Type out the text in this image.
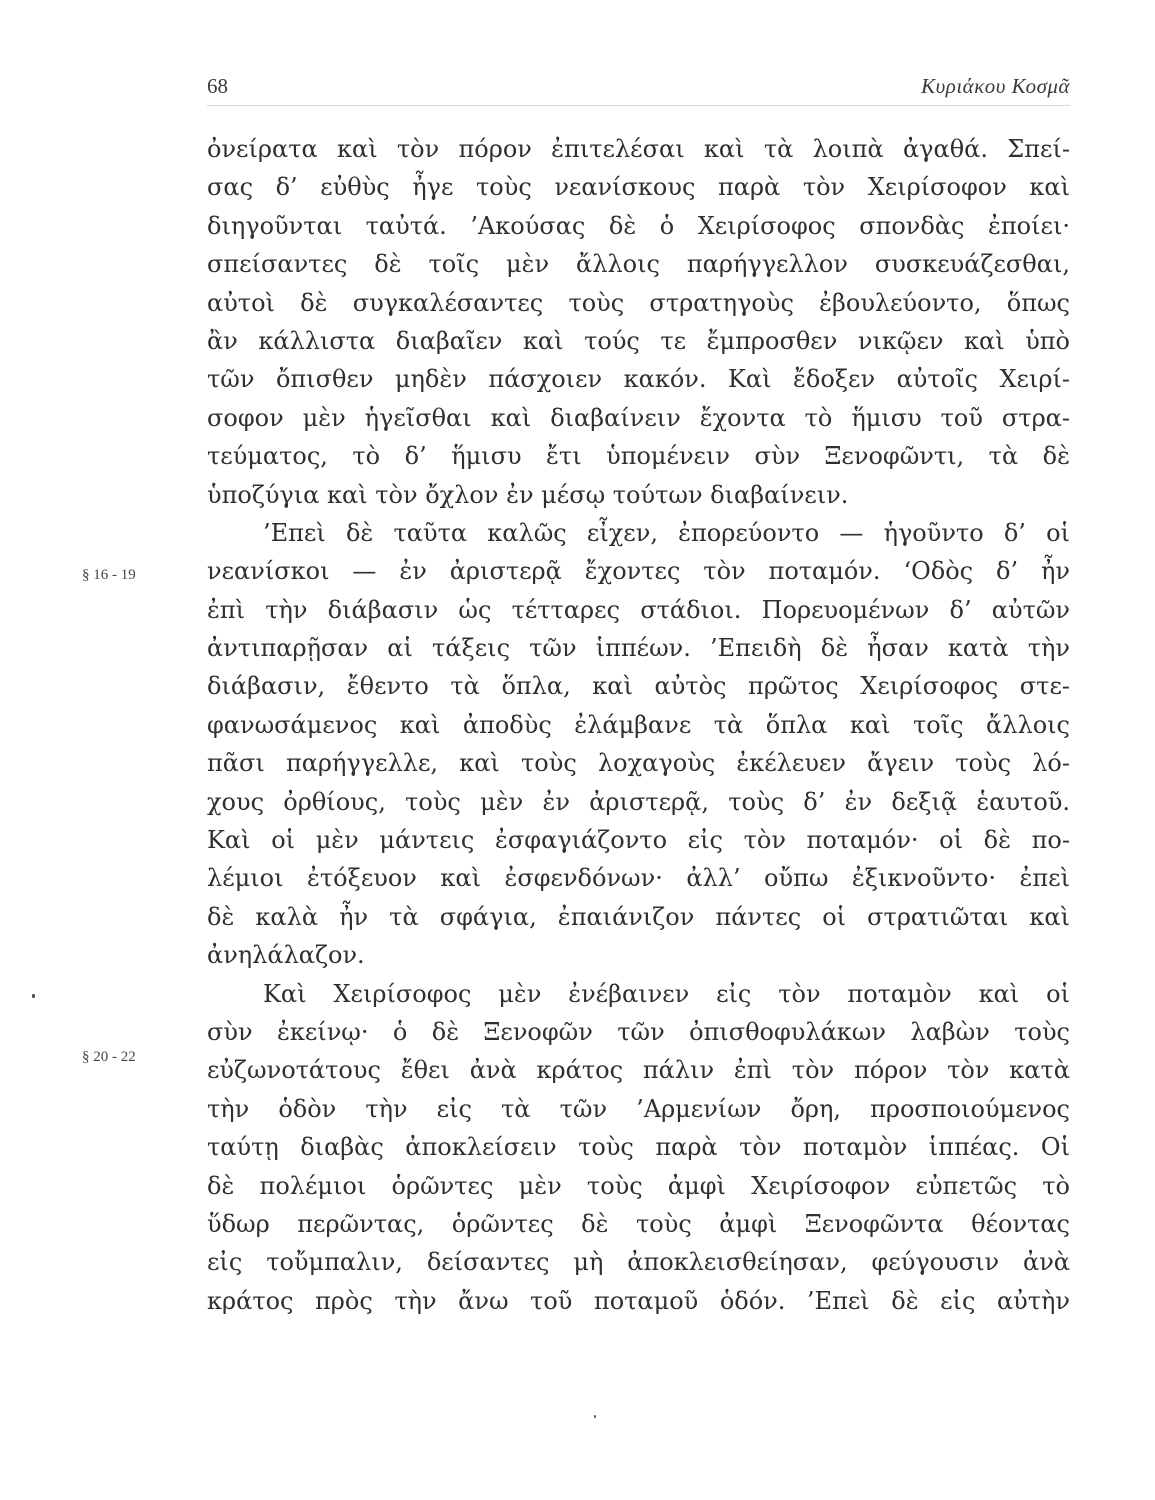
68	Κυριάκου Κοσμᾶ
§ 16 - 19
§ 20 - 22
ὀνείρατα καὶ τὸν πόρον ἐπιτελέσαι καὶ τὰ λοιπὰ ἀγαθά. Σπεί-
σας δ’ εὐθὺς ἦγε τοὺς νεανίσκους παρὰ τὸν Χειρίσοφον καὶ
διηγοῦνται ταὐτά. ’Ακούσας δὲ ὁ Χειρίσοφος σπονδὰς ἐποίει·
σπείσαντες δὲ τοῖς μὲν ἄλλοις παρήγγελλον συσκευάζεσθαι,
αὐτοὶ δὲ συγκαλέσαντες τοὺς στρατηγοὺς ἐβουλεύοντο, ὅπως
ἂν κάλλιστα διαβαῖεν καὶ τούς τε ἔμπροσθεν νικῷεν καὶ ὑπὸ
τῶν ὄπισθεν μηδὲν πάσχοιεν κακόν. Καὶ ἔδοξεν αὐτοῖς Χειρί-
σοφον μὲν ἡγεῖσθαι καὶ διαβαίνειν ἔχοντα τὸ ἥμισυ τοῦ στρα-
τεύματος, τὸ δ’ ἥμισυ ἔτι ὑπομένειν σὺν Ξενοφῶντι, τὰ δὲ
ὑποζύγια καὶ τὸν ὄχλον ἐν μέσῳ τούτων διαβαίνειν.
’Επεὶ δὲ ταῦτα καλῶς εἶχεν, ἐπορεύοντο — ἡγοῦντο δ’ οἱ
νεανίσκοι — ἐν ἀριστερᾷ ἔχοντες τὸν ποταμόν. ‘Οδὸς δ’ ἦν
ἐπὶ τὴν διάβασιν ὡς τέτταρες στάδιοι. Πορευομένων δ’ αὐτῶν
ἀντιπαρῇσαν αἱ τάξεις τῶν ἱππέων. ’Επειδὴ δὲ ἦσαν κατὰ τὴν
διάβασιν, ἔθεντο τὰ ὅπλα, καὶ αὐτὸς πρῶτος Χειρίσοφος στε-
φανωσάμενος καὶ ἀποδὺς ἐλάμβανε τὰ ὅπλα καὶ τοῖς ἄλλοις
πᾶσι παρήγγελλε, καὶ τοὺς λοχαγοὺς ἐκέλευεν ἄγειν τοὺς λό-
χους ὀρθίους, τοὺς μὲν ἐν ἀριστερᾷ, τοὺς δ’ ἐν δεξιᾷ ἑαυτοῦ.
Καὶ οἱ μὲν μάντεις ἐσφαγιάζοντο εἰς τὸν ποταμόν· οἱ δὲ πο-
λέμιοι ἐτόξευον καὶ ἐσφενδόνων· ἀλλ’ οὔπω ἐξικνοῦντο· ἐπεὶ
δὲ καλὰ ἦν τὰ σφάγια, ἐπαιάνιζον πάντες οἱ στρατιῶται καὶ
ἀνηλάλαζον.
Καὶ Χειρίσοφος μὲν ἐνέβαινεν εἰς τὸν ποταμὸν καὶ οἱ
σὺν ἐκείνῳ· ὁ δὲ Ξενοφῶν τῶν ὀπισθοφυλάκων λαβὼν τοὺς
εὐζωνοτάτους ἔθει ἀνὰ κράτος πάλιν ἐπὶ τὸν πόρον τὸν κατὰ
τὴν ὁδὸν τὴν εἰς τὰ τῶν ’Αρμενίων ὄρη, προσποιούμενος
ταύτῃ διαβὰς ἀποκλείσειν τοὺς παρὰ τὸν ποταμὸν ἱππέας. Οἱ
δὲ πολέμιοι ὁρῶντες μὲν τοὺς ἀμφὶ Χειρίσοφον εὐπετῶς τὸ
ὕδωρ περῶντας, ὁρῶντες δὲ τοὺς ἀμφὶ Ξενοφῶντα θέοντας
εἰς τοὔμπαλιν, δείσαντες μὴ ἀποκλεισθείησαν, φεύγουσιν ἀνὰ
κράτος πρὸς τὴν ἄνω τοῦ ποταμοῦ ὁδόν. ’Επεὶ δὲ εἰς αὐτὴν
